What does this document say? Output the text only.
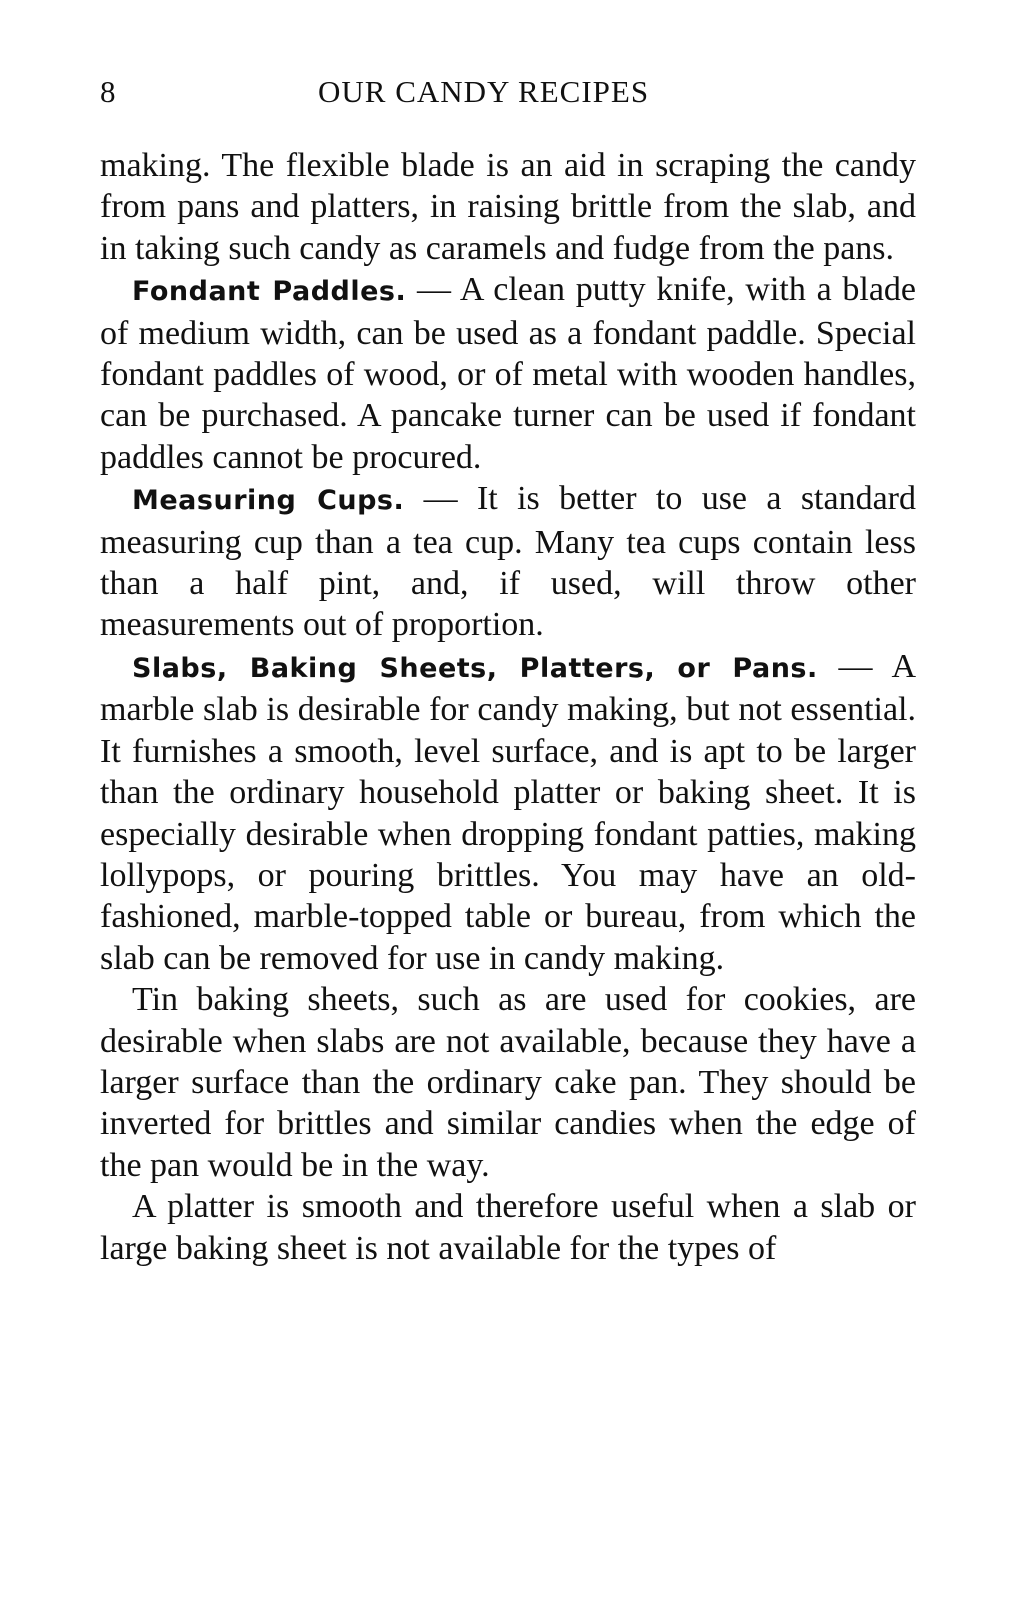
8	OUR CANDY RECIPES

making. The flexible blade is an aid in scraping the candy from pans and platters, in raising brittle from the slab, and in taking such candy as caramels and fudge from the pans.

Fondant Paddles. — A clean putty knife, with a blade of medium width, can be used as a fondant paddle. Special fondant paddles of wood, or of metal with wooden handles, can be purchased. A pancake turner can be used if fondant paddles cannot be procured.

Measuring Cups. — It is better to use a standard measuring cup than a tea cup. Many tea cups contain less than a half pint, and, if used, will throw other measurements out of proportion.

Slabs, Baking Sheets, Platters, or Pans. — A marble slab is desirable for candy making, but not essential. It furnishes a smooth, level surface, and is apt to be larger than the ordinary household platter or baking sheet. It is especially desirable when dropping fondant patties, making lollypops, or pouring brittles. You may have an old-fashioned, marble-topped table or bureau, from which the slab can be removed for use in candy making.

Tin baking sheets, such as are used for cookies, are desirable when slabs are not available, because they have a larger surface than the ordinary cake pan. They should be inverted for brittles and similar candies when the edge of the pan would be in the way.

A platter is smooth and therefore useful when a slab or large baking sheet is not available for the types of
